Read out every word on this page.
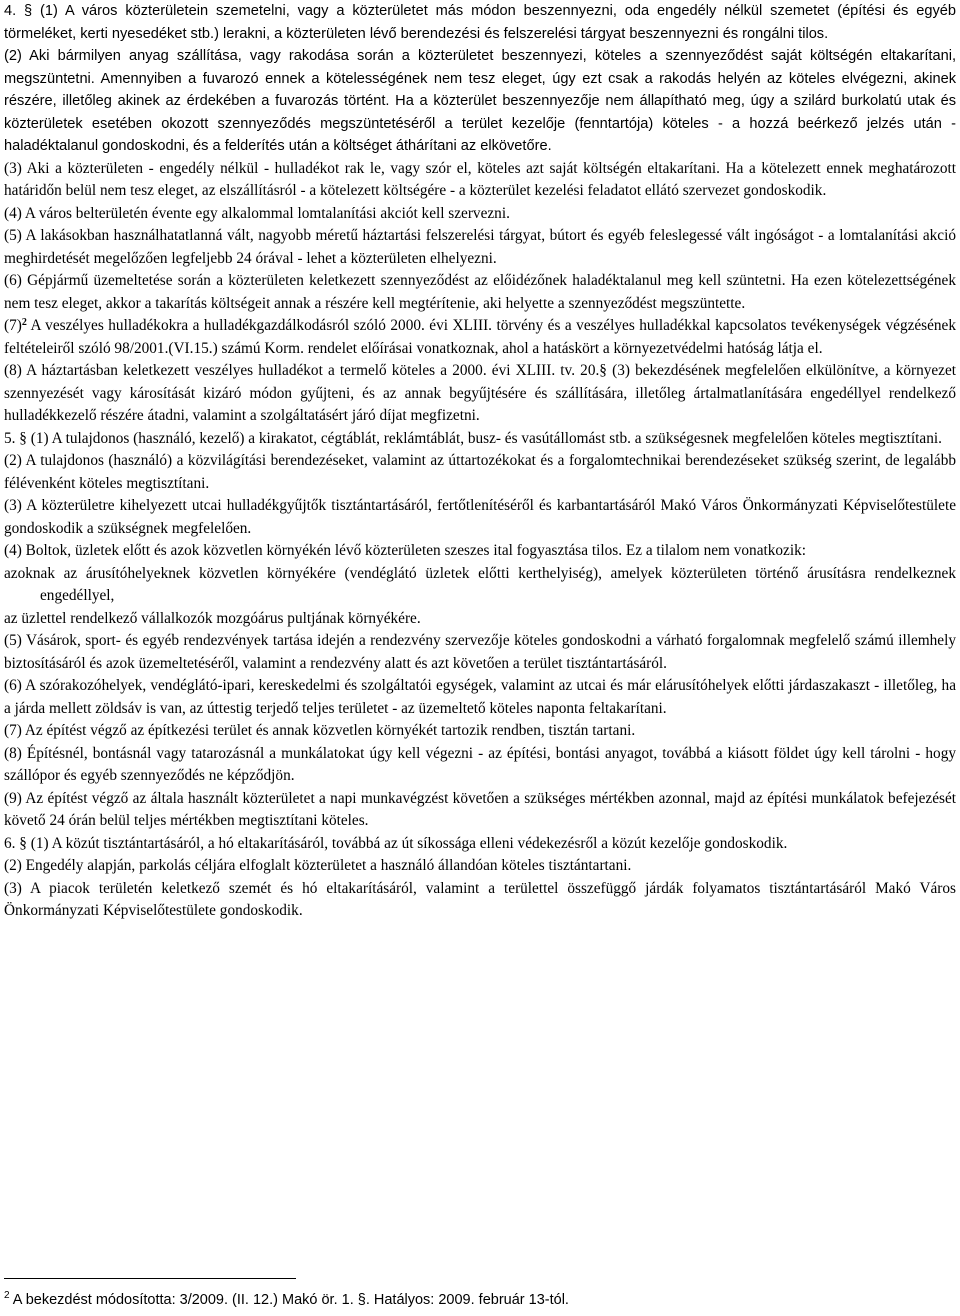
4. § (1) A város közterületein szemetelni, vagy a közterületet más módon beszennyezni, oda engedély nélkül szemetet (építési és egyéb törmeléket, kerti nyesedéket stb.) lerakni, a közterületen lévő berendezési és felszerelési tárgyat beszennyezni és rongálni tilos.

(2) Aki bármilyen anyag szállítása, vagy rakodása során a közterületet beszennyezi, köteles a szennyeződést saját költségén eltakarítani, megszüntetni. Amennyiben a fuvarozó ennek a kötelességének nem tesz eleget, úgy ezt csak a rakodás helyén az köteles elvégezni, akinek részére, illetőleg akinek az érdekében a fuvarozás történt. Ha a közterület beszennyezője nem állapítható meg, úgy a szilárd burkolatú utak és közterületek esetében okozott szennyeződés megszüntetéséről a terület kezelője (fenntartója) köteles - a hozzá beérkező jelzés után - haladéktalanul gondoskodni, és a felderítés után a költséget áthárítani az elkövetőre.

(3) Aki a közterületen - engedély nélkül - hulladékot rak le, vagy szór el, köteles azt saját költségén eltakarítani. Ha a kötelezett ennek meghatározott határidőn belül nem tesz eleget, az elszállításról - a kötelezett költségére - a közterület kezelési feladatot ellátó szervezet gondoskodik.

(4) A város belterületén évente egy alkalommal lomtalanítási akciót kell szervezni.

(5) A lakásokban használhatatlanná vált, nagyobb méretű háztartási felszerelési tárgyat, bútort és egyéb feleslegessé vált ingóságot - a lomtalanítási akció meghirdetését megelőzően legfeljebb 24 órával - lehet a közterületen elhelyezni.

(6) Gépjármű üzemeltetése során a közterületen keletkezett szennyeződést az előidézőnek haladéktalanul meg kell szüntetni. Ha ezen kötelezettségének nem tesz eleget, akkor a takarítás költségeit annak a részére kell megtérítenie, aki helyette a szennyeződést megszüntette.

$(7)^2$ A veszélyes hulladékokra a hulladékgazdálkodásról szóló 2000. évi XLIII. törvény és a veszélyes hulladékkal kapcsolatos tevékenységek végzésének feltételeiről szóló 98/2001.(VI.15.) számú Korm. rendelet előírásai vonatkoznak, ahol a hatáskört a környezetvédelmi hatóság látja el.

(8) A háztartásban keletkezett veszélyes hulladékot a termelő köteles a 2000. évi XLIII. tv. 20.§ (3) bekezdésének megfelelően elkülönítve, a környezet szennyezését vagy károsítását kizáró módon gyűjteni, és az annak begyűjtésére és szállítására, illetőleg ártalmatlanítására engedéllyel rendelkező hulladékkezelő részére átadni, valamint a szolgáltatásért járó díjat megfizetni.

5. § (1) A tulajdonos (használó, kezelő) a kirakatot, cégtáblát, reklámtáblát, busz- és vasútállomást stb. a szükségesnek megfelelően köteles megtisztítani.

(2) A tulajdonos (használó) a közvilágítási berendezéseket, valamint az úttartozékokat és a forgalomtechnikai berendezéseket szükség szerint, de legalább félévenként köteles megtisztítani.

(3) A közterületre kihelyezett utcai hulladékgyűjtők tisztántartásáról, fertőtlenítéséről és karbantartásáról Makó Város Önkormányzati Képviselőtestülete gondoskodik a szükségnek megfelelően.

(4) Boltok, üzletek előtt és azok közvetlen környékén lévő közterületen szeszes ital fogyasztása tilos. Ez a tilalom nem vonatkozik:

azoknak az árusítóhelyeknek közvetlen környékére (vendéglátó üzletek előtti kerthelyiség), amelyek közterületen történő árusításra rendelkeznek engedéllyel,

az üzlettel rendelkező vállalkozók mozgóárus pultjának környékére.

(5) Vásárok, sport- és egyéb rendezvények tartása idején a rendezvény szervezője köteles gondoskodni a várható forgalomnak megfelelő számú illemhely biztosításáról és azok üzemeltetéséről, valamint a rendezvény alatt és azt követően a terület tisztántartásáról.

(6) A szórakozóhelyek, vendéglátó-ipari, kereskedelmi és szolgáltatói egységek, valamint az utcai és már elárusítóhelyek előtti járdaszakaszt - illetőleg, ha a járda mellett zöldsáv is van, az úttestig terjedő teljes területet - az üzemeltető köteles naponta feltakarítani.

(7) Az építést végző az építkezési terület és annak közvetlen környékét tartozik rendben, tisztán tartani.

(8) Építésnél, bontásnál vagy tatarozásnál a munkálatokat úgy kell végezni - az építési, bontási anyagot, továbbá a kiásott földet úgy kell tárolni - hogy szállópor és egyéb szennyeződés ne képződjön.

(9) Az építést végző az általa használt közterületet a napi munkavégzést követően a szükséges mértékben azonnal, majd az építési munkálatok befejezését követő 24 órán belül teljes mértékben megtisztítani köteles.

6. § (1) A közút tisztántartásáról, a hó eltakarításáról, továbbá az út síkossága elleni védekezésről a közút kezelője gondoskodik.

(2) Engedély alapján, parkolás céljára elfoglalt közterületet a használó állandóan köteles tisztántartani.

(3) A piacok területén keletkező szemét és hó eltakarításáról, valamint a területtel összefüggő járdák folyamatos tisztántartásáról Makó Város Önkormányzati Képviselőtestülete gondoskodik.

$^2$ A bekezdést módosította: 3/2009. (II. 12.) Makó ör. 1. §. Hatályos: 2009. február 13-tól.
